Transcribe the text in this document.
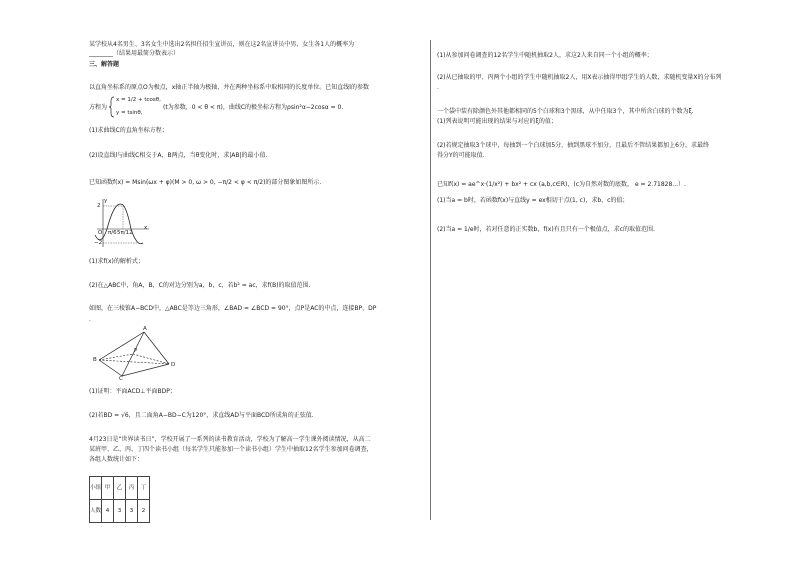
某学校从4名男生、3名女生中选出2名担任招生宣讲员，则在这2名宣讲员中男、女生各1人的概率为
________（结果用最简分数表示）
三、解答题
以直角坐标系的原点O为极点，x轴正半轴为极轴，并在两种坐标系中取相同的长度单位。已知直线l的参数
方程为
x = 1/2 + tcosθ,
y = tsinθ,
(t为参数，0 < θ < π)，曲线C的极坐标方程为ρsin²α−2cosα = 0.
(1)求曲线C的直角坐标方程；
(2)设直线l与曲线C相交于A，B两点，当θ变化时，求|AB|的最小值.
已知函数f(x) = Msin(ωx + φ)(M > 0, ω > 0, −π/2 < φ < π/2)的部分图象如图所示.
2
−2
y
x
O π/6 5π/12
(1)求f(x)的解析式；
(2)在△ABC中，角A，B，C的对边分别为a，b，c，若b² = ac，求f(B)的取值范围.
如图，在三棱锥A−BCD中，△ABC是等边三角形，∠BAD = ∠BCD = 90°，点P是AC的中点，连接BP，DP
.
A
B
C
D
P
(1)证明：平面ACD⊥平面BDP；
(2)若BD = √6，且二面角A−BD−C为120°，求直线AD与平面BCD所成角的正弦值.
4月23日是“世界读书日”，学校开展了一系列的读书教育活动，学校为了解高一学生课外阅读情况，从高二
某班甲、乙、丙、丁四个读书小组（每名学生只能参加一个读书小组）学生中抽取12名学生参加问卷调查，
各组人数统计如下：
小组	甲	乙	丙	丁
人数	4	3	3	2
(1)从参加问卷调查的12名学生中随机抽取2人，求这2人来自同一个小组的概率；
(2)从已抽取的甲、丙两个小组的学生中随机抽取2人，用X表示抽得甲组学生的人数，求随机变量X的分布列
.
一个袋中装有除颜色外其他都相同的5个白球和3个黑球，从中任取3个，其中所含白球的个数为ξ.
(1)列表说明可能出现的结果与对应的ξ的值；
(2)若规定抽取3个球中，每抽到一个白球加5分，抽到黑球不加分，且最后不管结果都加上6分，求最终
得分Y的可能取值.
已知f(x) = ae^x·(1/x²) + bx² + cx (a,b,c∈R)，(c为自然对数的底数， e = 2.71828...）.
(1)当a = b时，若函数f(x)与直线y = ex相切于点(1, c)，求b，c的值；
(2)当a = 1/e时，若对任意的正实数b，f(x)有且只有一个极值点，求c的取值范围.
